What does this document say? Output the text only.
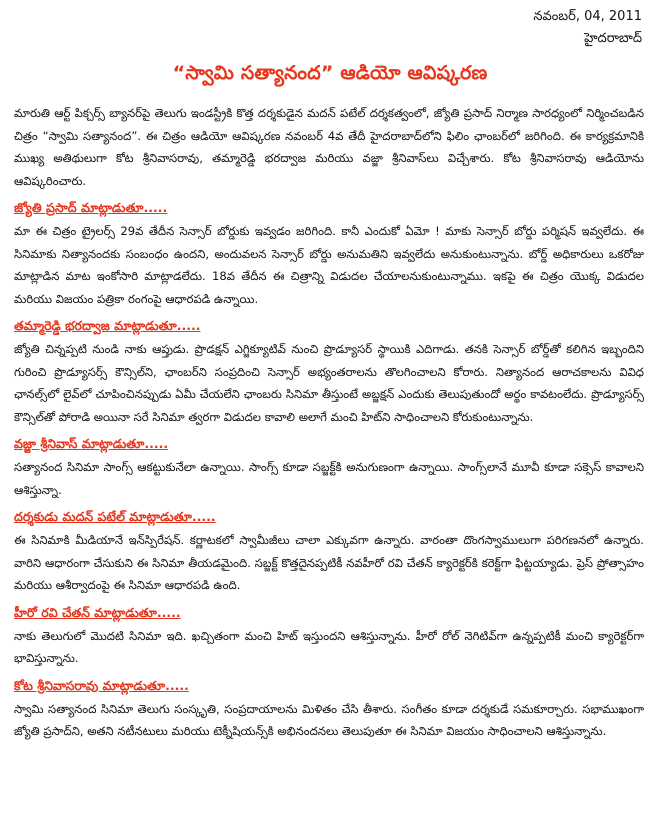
నవంబర్, 04, 2011
హైదరాబాద్
“స్వామి సత్యానంద” ఆడియో ఆవిష్కరణ

మారుతి ఆర్ట్ పిక్చర్స్ బ్యానర్‌పై తెలుగు ఇండస్ట్రీకి కొత్త దర్శకుడైన మదన్ పటేల్ దర్శకత్వంలో, జ్యోతి ప్రసాద్ నిర్మాణ సారధ్యంలో నిర్మించబడిన చిత్రం “స్వామి సత్యానంద”. ఈ చిత్రం ఆడియో ఆవిష్కరణ నవంబర్ 4వ తేదీ హైదరాబాద్‌లోని ఫిలిం ఛాంబర్‌లో జరిగింది. ఈ కార్యక్రమానికి ముఖ్య అతిథులుగా కోట శ్రీనివాసరావు, తమ్మారెడ్డి భరద్వాజ మరియు వజ్జా శ్రీనివాస్‌లు విచ్చేశారు. కోట శ్రీనివాసరావు ఆడియోను ఆవిష్కరించారు.

జ్యోతి ప్రసాద్ మాట్లాడుతూ.....

మా ఈ చిత్రం ట్రైలర్స్ 29వ తేదీన సెన్సార్ బోర్డుకు ఇవ్వడం జరిగింది. కానీ ఎందుకో ఏమో ! మాకు సెన్సార్ బోర్డు పర్మిషన్ ఇవ్వలేదు. ఈ సినిమాకు నిత్యానందకు సంబంధం ఉందని, అందువలన సెన్సార్ బోర్డు అనుమతిని ఇవ్వలేదు అనుకుంటున్నాను. బోర్డ్ అధికారులు ఒకరోజు మాట్లాడిన మాట ఇంకోసారి మాట్లాడలేదు. 18వ తేదీన ఈ చిత్రాన్ని విడుదల చేయాలనుకుంటున్నాము. ఇకపై ఈ చిత్రం యొక్క విడుదల మరియు విజయం పత్రికా రంగంపై ఆధారపడి ఉన్నాయి.

తమ్మారెడ్డి భరద్వాజ మాట్లాడుతూ.....

జ్యోతి చిన్నప్పటి నుండి నాకు ఆప్తుడు. ప్రొడక్షన్ ఎగ్జిక్యూటివ్ నుంచి ప్రొడ్యూసర్ స్థాయికి ఎదిగాడు. తనకి సెన్సార్ బోర్డ్‌తో కలిగిన ఇబ్బందిని గురించి ప్రొడ్యూసర్స్ కౌన్సిల్‌ని, ఛాంబర్‌ని సంప్రదించి సెన్సార్ అభ్యంతరాలను తొలగించాలని కోరారు. నిత్యానంద ఆరాచకాలను వివిధ ఛానల్స్‌లో లైవ్‌లో చూపించినప్పుడు ఏమీ చేయలేని ఛాంబరు సినిమా తీస్తుంటే అబ్జక్షన్ ఎందుకు తెలుపుతుందో అర్థం కావటంలేదు. ప్రొడ్యూసర్స్ కౌన్సిల్‌తో పోరాడి అయినా సరే సినిమా త్వరగా విడుదల కావాలి అలాగే మంచి హిట్‌ని సాధించాలని కోరుకుంటున్నాను.

వజ్జా శ్రీనివాస్ మాట్లాడుతూ.....

సత్యానంద సినిమా సాంగ్స్ ఆకట్టుకునేలా ఉన్నాయి. సాంగ్స్ కూడా సబ్జక్ట్‌కి అనుగుణంగా ఉన్నాయి. సాంగ్స్‌లానే మూవీ కూడా సక్సెస్ కావాలని ఆశిస్తున్నా.

దర్శకుడు మదన్ పటేల్ మాట్లాడుతూ.....

ఈ సినిమాకి మీడియానే ఇన్‌స్పిరేషన్. కర్ణాటకలో స్వామీజీలు చాలా ఎక్కువగా ఉన్నారు. వారంతా దొంగస్వాములుగా పరిగణనలో ఉన్నారు. వారిని ఆధారంగా చేసుకుని ఈ సినిమా తీయడమైంది. సబ్జక్ట్ కొత్తదైనప్పటికీ నవహీరో రవి చేతన్ క్యారెక్టర్‌కి కరెక్ట్‌గా ఫిట్టయ్యాడు. ప్రెస్ ప్రోత్సాహం మరియు ఆశీర్వాదంపై ఈ సినిమా ఆధారపడి ఉంది.

హీరో రవి చేతన్ మాట్లాడుతూ.....

నాకు తెలుగులో మొదటి సినిమా ఇది. ఖచ్చితంగా మంచి హిట్ ఇస్తుందని ఆశిస్తున్నాను. హీరో రోల్ నెగిటివ్‌గా ఉన్నప్పటికీ మంచి క్యారెక్టర్‌గా భావిస్తున్నాను.

కోట శ్రీనివాసరావు మాట్లాడుతూ.....

స్వామి సత్యానంద సినిమా తెలుగు సంస్కృతి, సంప్రదాయాలను మిళితం చేసి తీశారు. సంగీతం కూడా దర్శకుడే సమకూర్చారు. సభాముఖంగా జ్యోతి ప్రసాద్‌ని, అతని నటీనటులు మరియు టెక్నీషియన్స్‌కి అభినందనలు తెలుపుతూ ఈ సినిమా విజయం సాధించాలని ఆశిస్తున్నాను.
